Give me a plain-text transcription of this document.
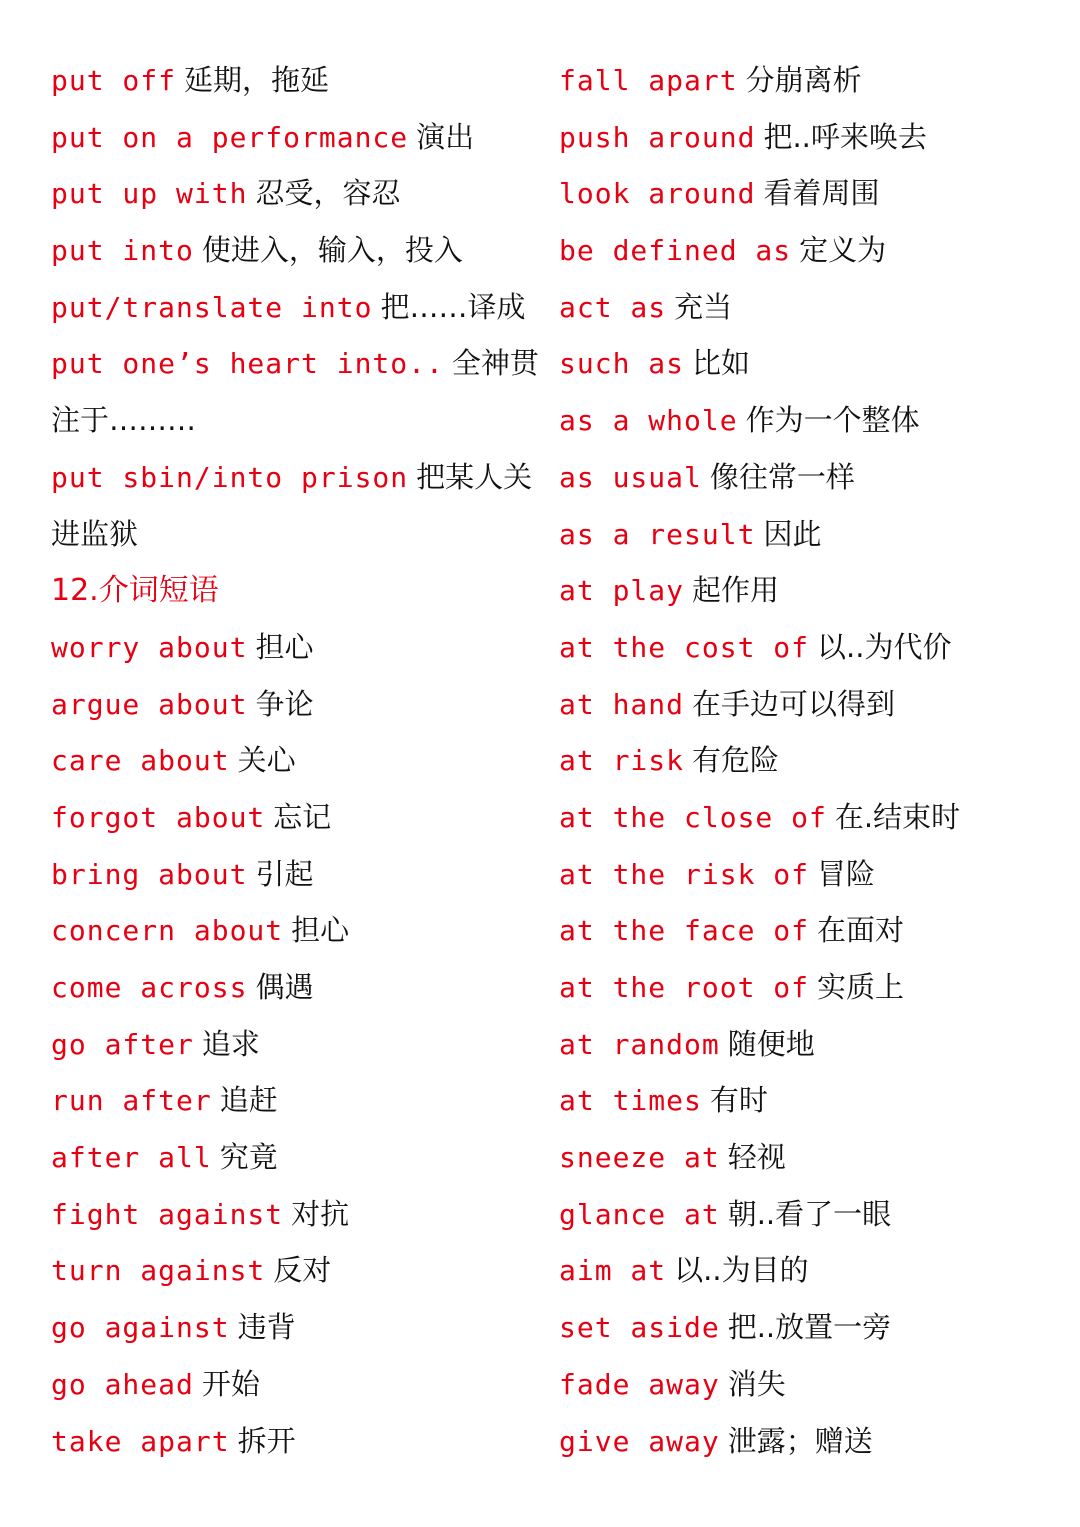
put off 延期，拖延
put on a performance 演出
put up with 忍受，容忍
put into 使进入，输入，投入
put/translate into 把……译成
put one’s heart into.. 全神贯
注于………
put sbin/into prison 把某人关
进监狱
12.介词短语
worry about 担心
argue about 争论
care about 关心
forgot about 忘记
bring about 引起
concern about 担心
come across 偶遇
go after 追求
run after 追赶
after all 究竟
fight against 对抗
turn against 反对
go against 违背
go ahead 开始
take apart 拆开
fall apart 分崩离析
push around 把..呼来唤去
look around 看着周围
be defined as 定义为
act as 充当
such as 比如
as a whole 作为一个整体
as usual 像往常一样
as a result 因此
at play 起作用
at the cost of 以..为代价
at hand 在手边可以得到
at risk 有危险
at the close of 在.结束时
at the risk of 冒险
at the face of 在面对
at the root of 实质上
at random 随便地
at times 有时
sneeze at 轻视
glance at 朝..看了一眼
aim at 以..为目的
set aside 把..放置一旁
fade away 消失
give away 泄露；赠送
